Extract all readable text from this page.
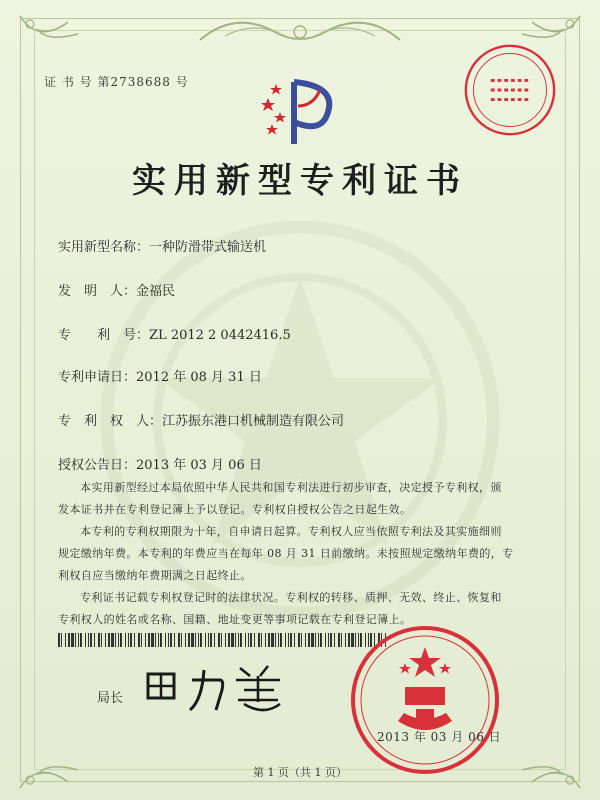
证 书 号 第2738688 号
实用新型专利证书
实用新型名称：一种防滑带式输送机
发　明　人：金福民
专　　利　号：ZL 2012 2 0442416.5
专利申请日：2012 年 08 月 31 日
专　利　权　人：江苏振东港口机械制造有限公司
授权公告日：2013 年 03 月 06 日
本实用新型经过本局依照中华人民共和国专利法进行初步审查，决定授予专利权，颁
发本证书并在专利登记簿上予以登记。专利权自授权公告之日起生效。
本专利的专利权期限为十年，自申请日起算。专利权人应当依照专利法及其实施细则
规定缴纳年费。本专利的年费应当在每年 08 月 31 日前缴纳。未按照规定缴纳年费的，专
利权自应当缴纳年费期满之日起终止。
专利证书记载专利权登记时的法律状况。专利权的转移、质押、无效、终止、恢复和
专利权人的姓名或名称、国籍、地址变更等事项记载在专利登记簿上。
局长
2013 年 03 月 06 日
第 1 页（共 1 页）
